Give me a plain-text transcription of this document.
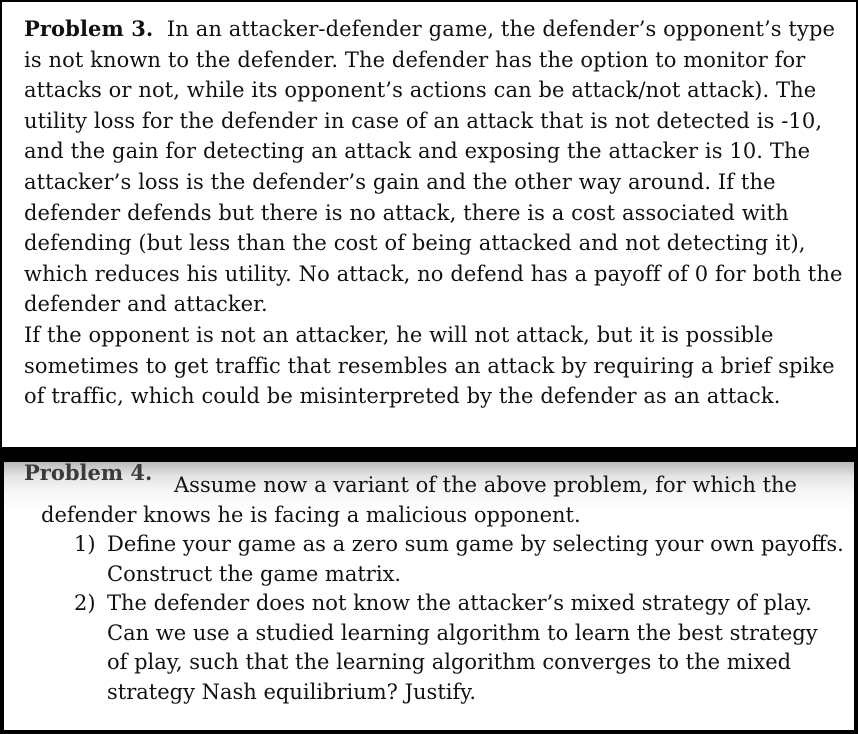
Problem 3. In an attacker-defender game, the defender’s opponent’s type is not known to the defender. The defender has the option to monitor for attacks or not, while its opponent’s actions can be attack/not attack). The utility loss for the defender in case of an attack that is not detected is -10, and the gain for detecting an attack and exposing the attacker is 10. The attacker’s loss is the defender’s gain and the other way around. If the defender defends but there is no attack, there is a cost associated with defending (but less than the cost of being attacked and not detecting it), which reduces his utility. No attack, no defend has a payoff of 0 for both the defender and attacker.

If the opponent is not an attacker, he will not attack, but it is possible sometimes to get traffic that resembles an attack by requiring a brief spike of traffic, which could be misinterpreted by the defender as an attack.

Problem 4.	Assume now a variant of the above problem, for which the defender knows he is facing a malicious opponent.

1) Define your game as a zero sum game by selecting your own payoffs. Construct the game matrix.
2) The defender does not know the attacker’s mixed strategy of play. Can we use a studied learning algorithm to learn the best strategy of play, such that the learning algorithm converges to the mixed strategy Nash equilibrium? Justify.
